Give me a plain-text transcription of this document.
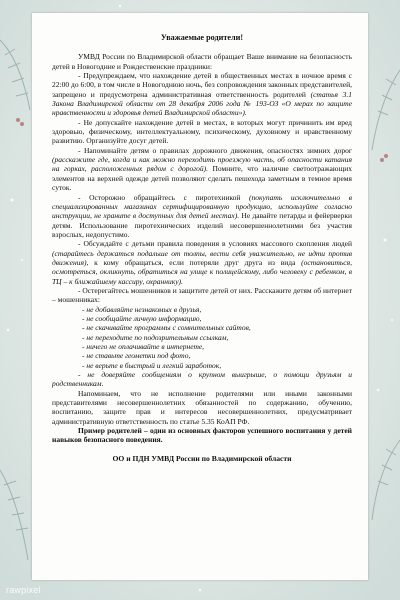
Уважаемые родители!

УМВД России по Владимирской области обращает Ваше внимание на безопасность детей в Новогодние и Рождественские праздники:

- Предупреждаем, что нахождение детей в общественных местах в ночное время с 22:00 до 6:00, в том числе в Новогоднюю ночь, без сопровождения законных представителей, запрещено и предусмотрена административная ответственность родителей (статья 3.1 Закона Владимирской области от 28 декабря 2006 года № 193-ОЗ «О мерах по защите нравственности и здоровья детей Владимирской области»).

- Не допускайте нахождение детей в местах, в которых могут причинить им вред здоровью, физическому, интеллектуальному, психическому, духовному и нравственному развитию. Организуйте досуг детей.

- Напоминайте детям о правилах дорожного движения, опасностях зимних дорог (расскажите где, когда и как можно переходить проезжую часть, об опасности катания на горках, расположенных рядом с дорогой). Помните, что наличие светоотражающих элементов на верхней одежде детей позволяют сделать пешехода заметным в темное время суток.

- Осторожно обращайтесь с пиротехникой (покупать исключительно в специализированных магазинах сертифицированную продукцию, используйте согласно инструкции, не храните в доступных для детей местах). Не давайте петарды и фейерверки детям. Использование пиротехнических изделий несовершеннолетними без участия взрослых, недопустимо.

- Обсуждайте с детьми правила поведения в условиях массового скопления людей (старайтесь держаться подальше от толпы, вести себя уважительно, не идти против движения), к кому обращаться, если потеряли друг друга из вида (остановиться, осмотреться, окликнуть, обратиться на улице к полицейскому, либо человеку с ребенком, в ТЦ – к ближайшему кассиру, охраннику).

- Остерегайтесь мошенников и защитите детей от них. Расскажите детям об интернет – мошенниках:

- не добавляйте незнакомых в друзья,
- не сообщайте личную информацию,
- не скачивайте программы с сомнительных сайтов,
- не переходите по подозрительным ссылкам,
- ничего не оплачивайте в интернете,
- не ставьте геометки под фото,
- не верьте в быстрый и легкий заработок,

- не доверяйте сообщениям о крупном выигрыше, о помощи друзьям и родственникам.

Напоминаем, что не исполнение родителями или иными законными представителями несовершеннолетних обязанностей по содержанию, обучению, воспитанию, защите прав и интересов несовершеннолетних, предусматривает административную ответственность по статье 5.35 КоАП РФ.

Пример родителей – один из основных факторов успешного воспитания у детей навыков безопасного поведения.

ОО и ПДН УМВД России по Владимирской области
rawpixel
